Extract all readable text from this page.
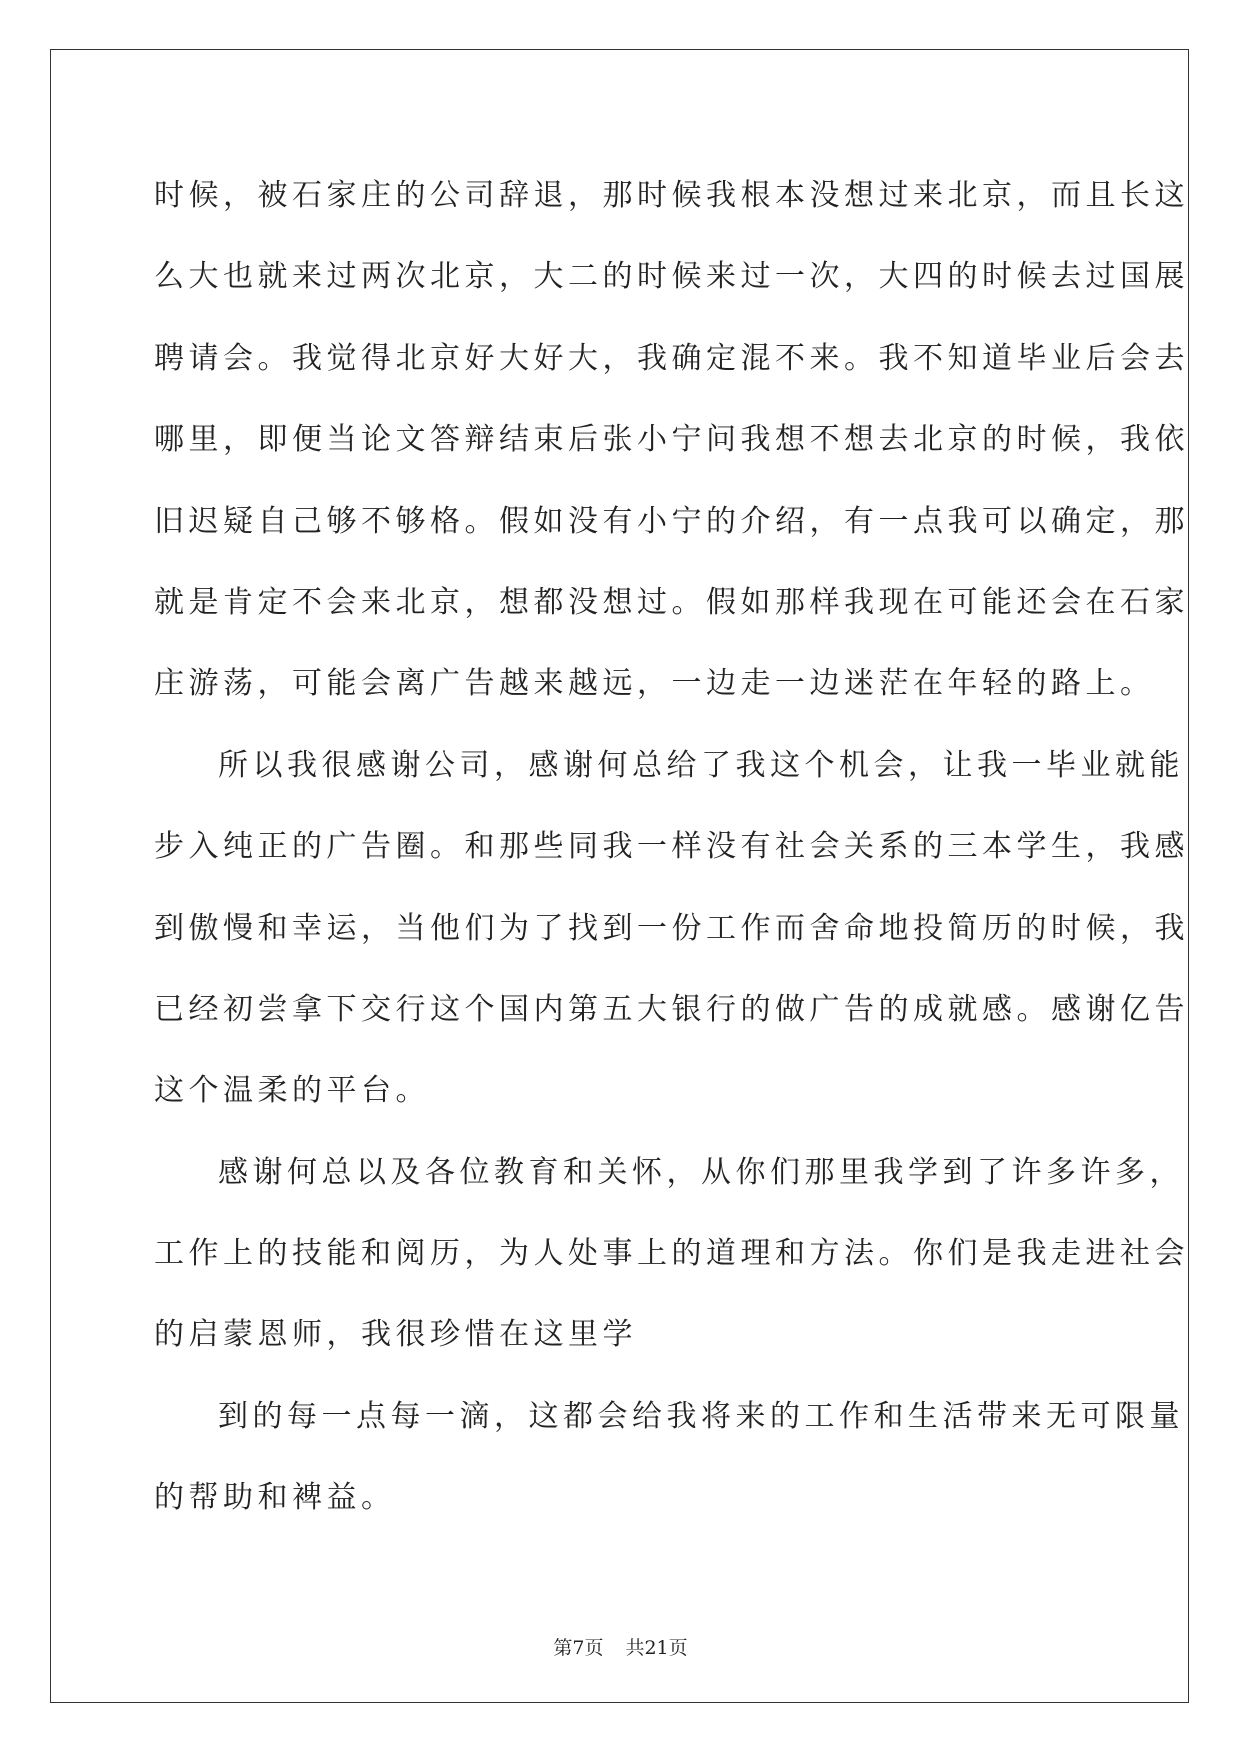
时候，被石家庄的公司辞退，那时候我根本没想过来北京，而且长这
么大也就来过两次北京，大二的时候来过一次，大四的时候去过国展
聘请会。我觉得北京好大好大，我确定混不来。我不知道毕业后会去
哪里，即便当论文答辩结束后张小宁问我想不想去北京的时候，我依
旧迟疑自己够不够格。假如没有小宁的介绍，有一点我可以确定，那
就是肯定不会来北京，想都没想过。假如那样我现在可能还会在石家
庄游荡，可能会离广告越来越远，一边走一边迷茫在年轻的路上。
所以我很感谢公司，感谢何总给了我这个机会，让我一毕业就能
步入纯正的广告圈。和那些同我一样没有社会关系的三本学生，我感
到傲慢和幸运，当他们为了找到一份工作而舍命地投简历的时候，我
已经初尝拿下交行这个国内第五大银行的做广告的成就感。感谢亿告
这个温柔的平台。
感谢何总以及各位教育和关怀，从你们那里我学到了许多许多，
工作上的技能和阅历，为人处事上的道理和方法。你们是我走进社会
的启蒙恩师，我很珍惜在这里学
到的每一点每一滴，这都会给我将来的工作和生活带来无可限量
的帮助和裨益。
第7页 共21页
